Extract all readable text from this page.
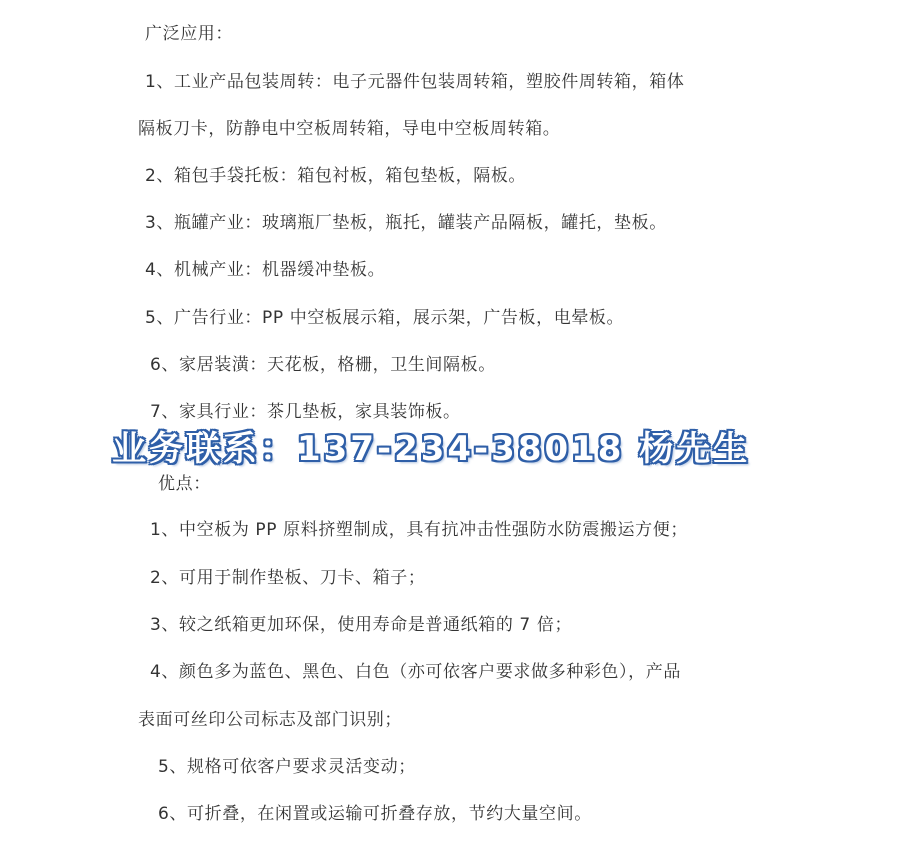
广泛应用：
1、工业产品包装周转：电子元器件包装周转箱，塑胶件周转箱，箱体
隔板刀卡，防静电中空板周转箱，导电中空板周转箱。
2、箱包手袋托板：箱包衬板，箱包垫板，隔板。
3、瓶罐产业：玻璃瓶厂垫板，瓶托，罐装产品隔板，罐托，垫板。
4、机械产业：机器缓冲垫板。
5、广告行业：PP 中空板展示箱，展示架，广告板，电晕板。
6、家居装潢：天花板，格栅，卫生间隔板。
7、家具行业：茶几垫板，家具装饰板。
业务联系：137-234-38018 杨先生
优点：
1、中空板为 PP 原料挤塑制成，具有抗冲击性强防水防震搬运方便；
2、可用于制作垫板、刀卡、箱子；
3、较之纸箱更加环保，使用寿命是普通纸箱的 7 倍；
4、颜色多为蓝色、黑色、白色（亦可依客户要求做多种彩色），产品
表面可丝印公司标志及部门识别；
5、规格可依客户要求灵活变动；
6、可折叠，在闲置或运输可折叠存放，节约大量空间。
